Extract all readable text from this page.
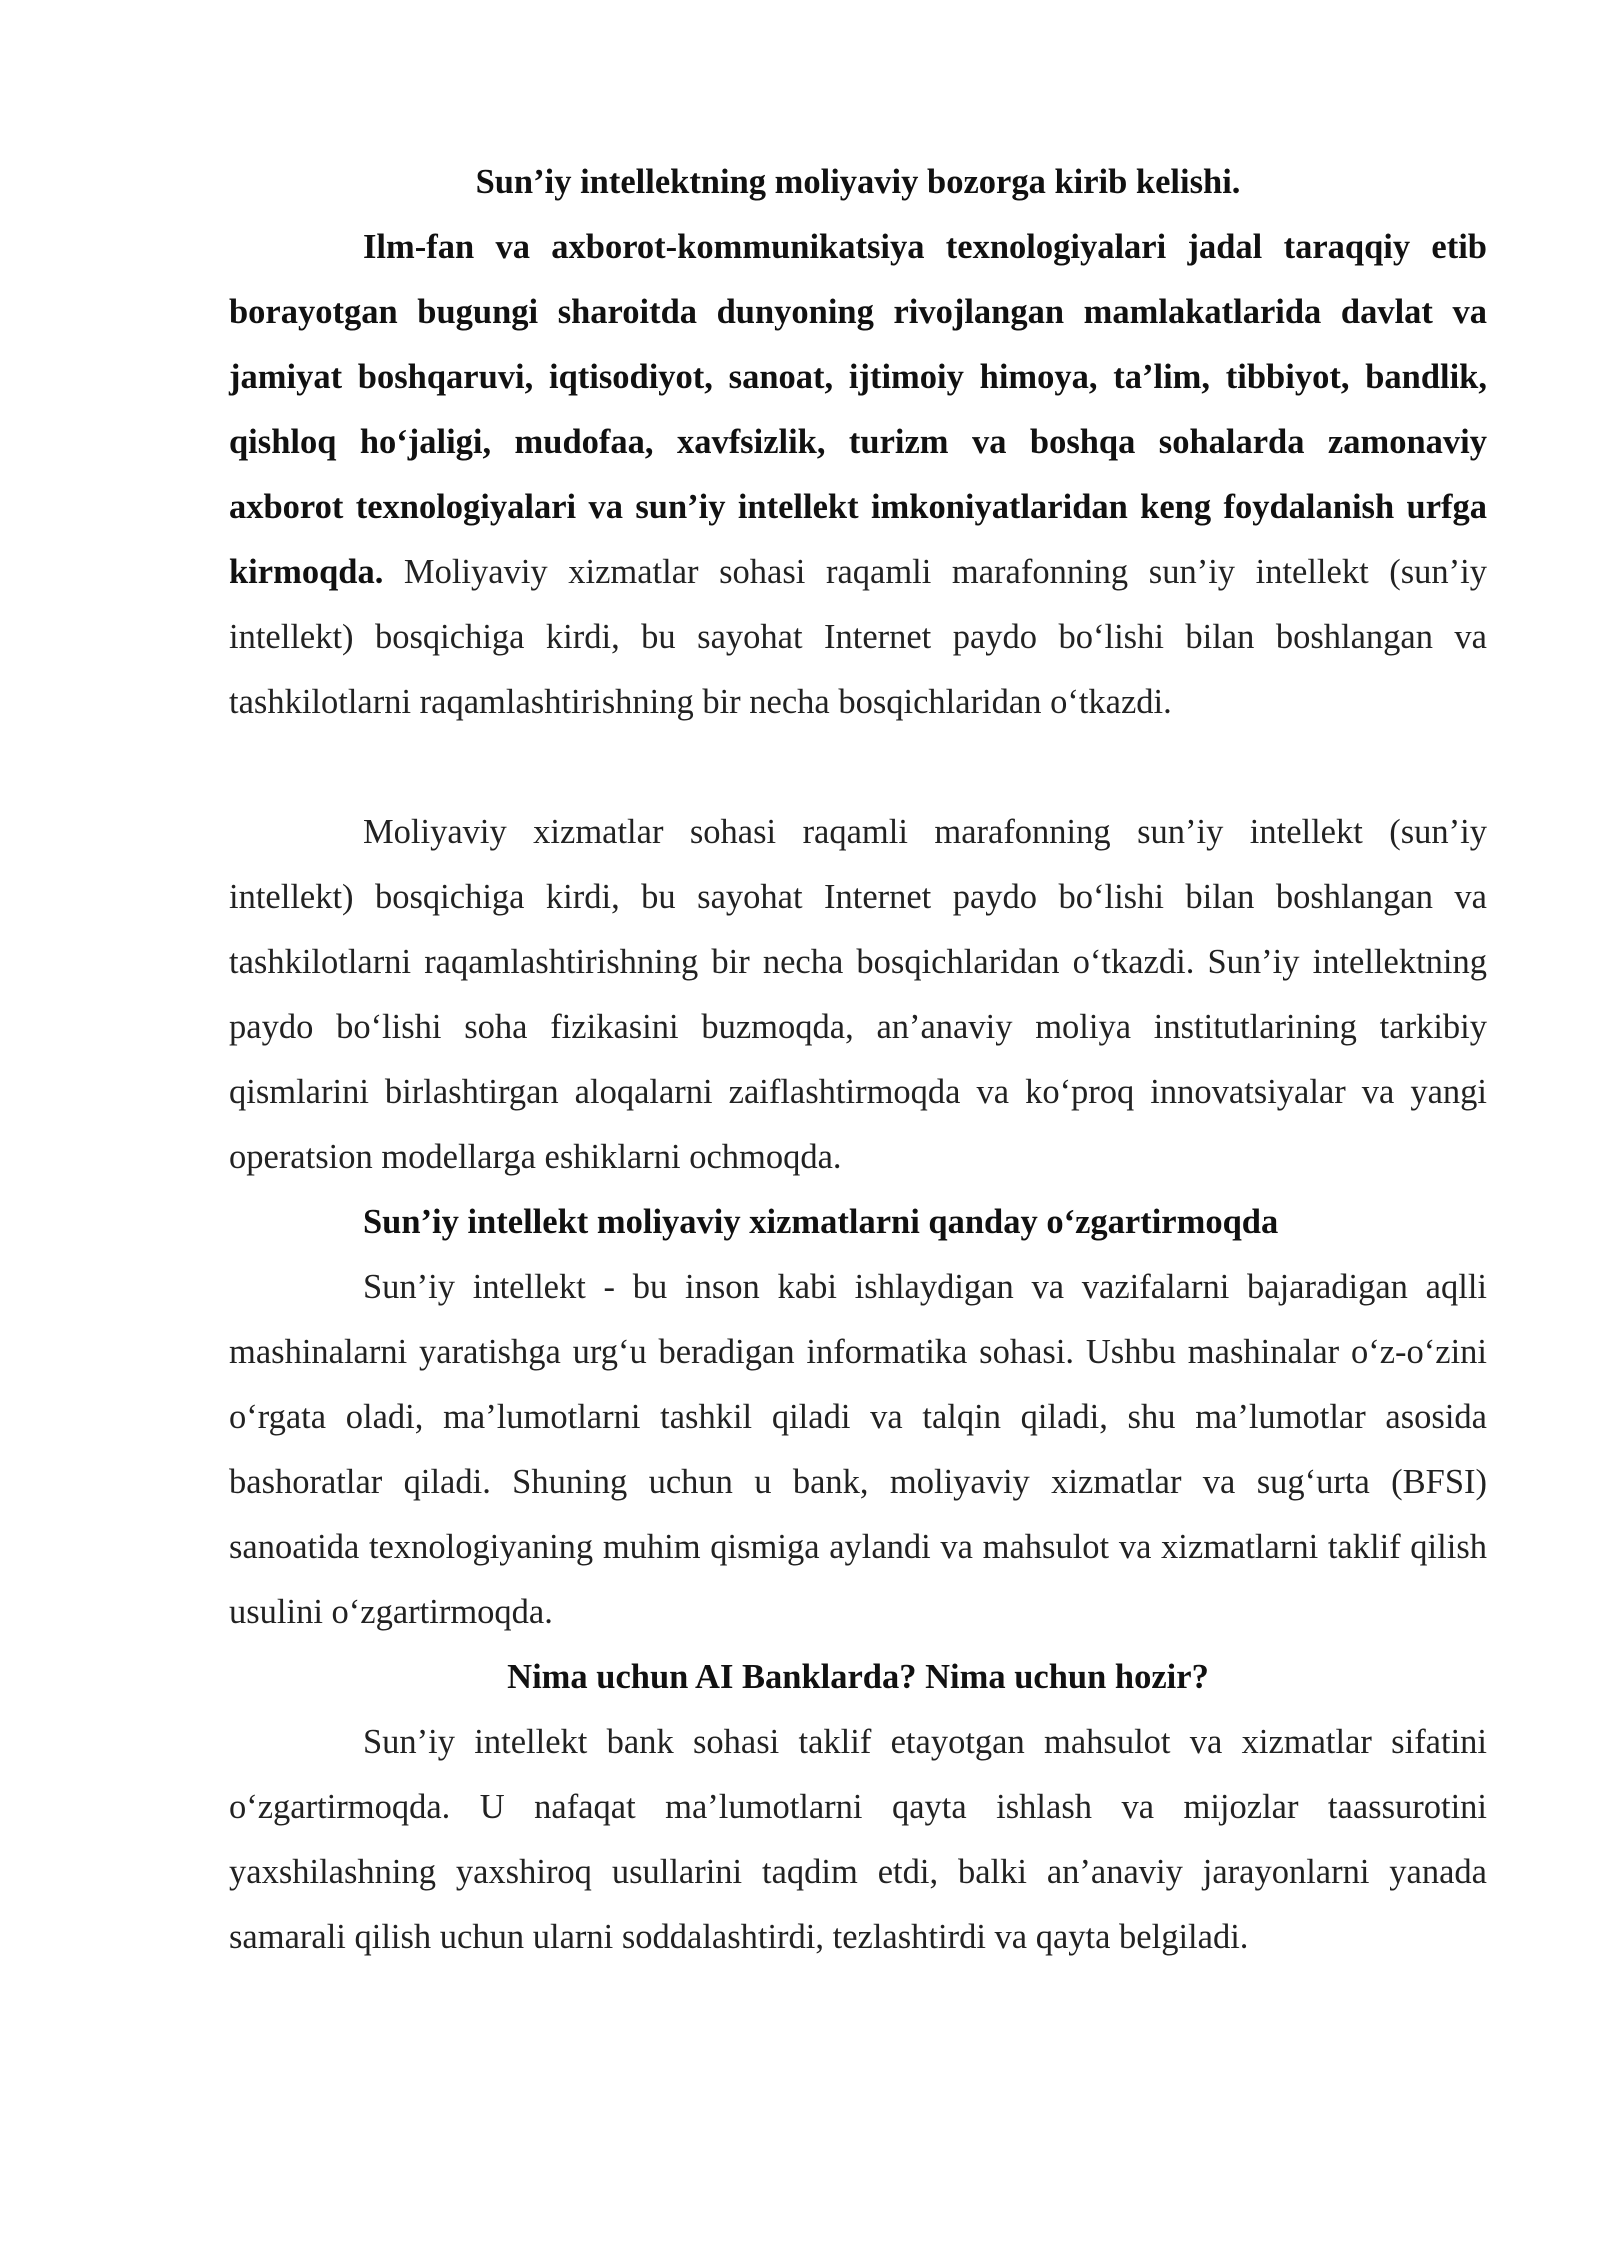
Sun’iy intellektning moliyaviy bozorga kirib kelishi.

Ilm-fan va axborot-kommunikatsiya texnologiyalari jadal taraqqiy etib borayotgan bugungi sharoitda dunyoning rivojlangan mamlakatlarida davlat va jamiyat boshqaruvi, iqtisodiyot, sanoat, ijtimoiy himoya, ta’lim, tibbiyot, bandlik, qishloq ho‘jaligi, mudofaa, xavfsizlik, turizm va boshqa sohalarda zamonaviy axborot texnologiyalari va sun’iy intellekt imkoniyatlaridan keng foydalanish urfga kirmoqda. Moliyaviy xizmatlar sohasi raqamli marafonning sun’iy intellekt (sun’iy intellekt) bosqichiga kirdi, bu sayohat Internet paydo bo‘lishi bilan boshlangan va tashkilotlarni raqamlashtirishning bir necha bosqichlaridan o‘tkazdi.

Moliyaviy xizmatlar sohasi raqamli marafonning sun’iy intellekt (sun’iy intellekt) bosqichiga kirdi, bu sayohat Internet paydo bo‘lishi bilan boshlangan va tashkilotlarni raqamlashtirishning bir necha bosqichlaridan o‘tkazdi. Sun’iy intellektning paydo bo‘lishi soha fizikasini buzmoqda, an’anaviy moliya institutlarining tarkibiy qismlarini birlashtirgan aloqalarni zaiflashtirmoqda va ko‘proq innovatsiyalar va yangi operatsion modellarga eshiklarni ochmoqda.

Sun’iy intellekt moliyaviy xizmatlarni qanday o‘zgartirmoqda

Sun’iy intellekt - bu inson kabi ishlaydigan va vazifalarni bajaradigan aqlli mashinalarni yaratishga urg‘u beradigan informatika sohasi. Ushbu mashinalar o‘z-o‘zini o‘rgata oladi, ma’lumotlarni tashkil qiladi va talqin qiladi, shu ma’lumotlar asosida bashoratlar qiladi. Shuning uchun u bank, moliyaviy xizmatlar va sug‘urta (BFSI) sanoatida texnologiyaning muhim qismiga aylandi va mahsulot va xizmatlarni taklif qilish usulini o‘zgartirmoqda.

Nima uchun AI Banklarda? Nima uchun hozir?

Sun’iy intellekt bank sohasi taklif etayotgan mahsulot va xizmatlar sifatini o‘zgartirmoqda. U nafaqat ma’lumotlarni qayta ishlash va mijozlar taassurotini yaxshilashning yaxshiroq usullarini taqdim etdi, balki an’anaviy jarayonlarni yanada samarali qilish uchun ularni soddalashtirdi, tezlashtirdi va qayta belgiladi.
